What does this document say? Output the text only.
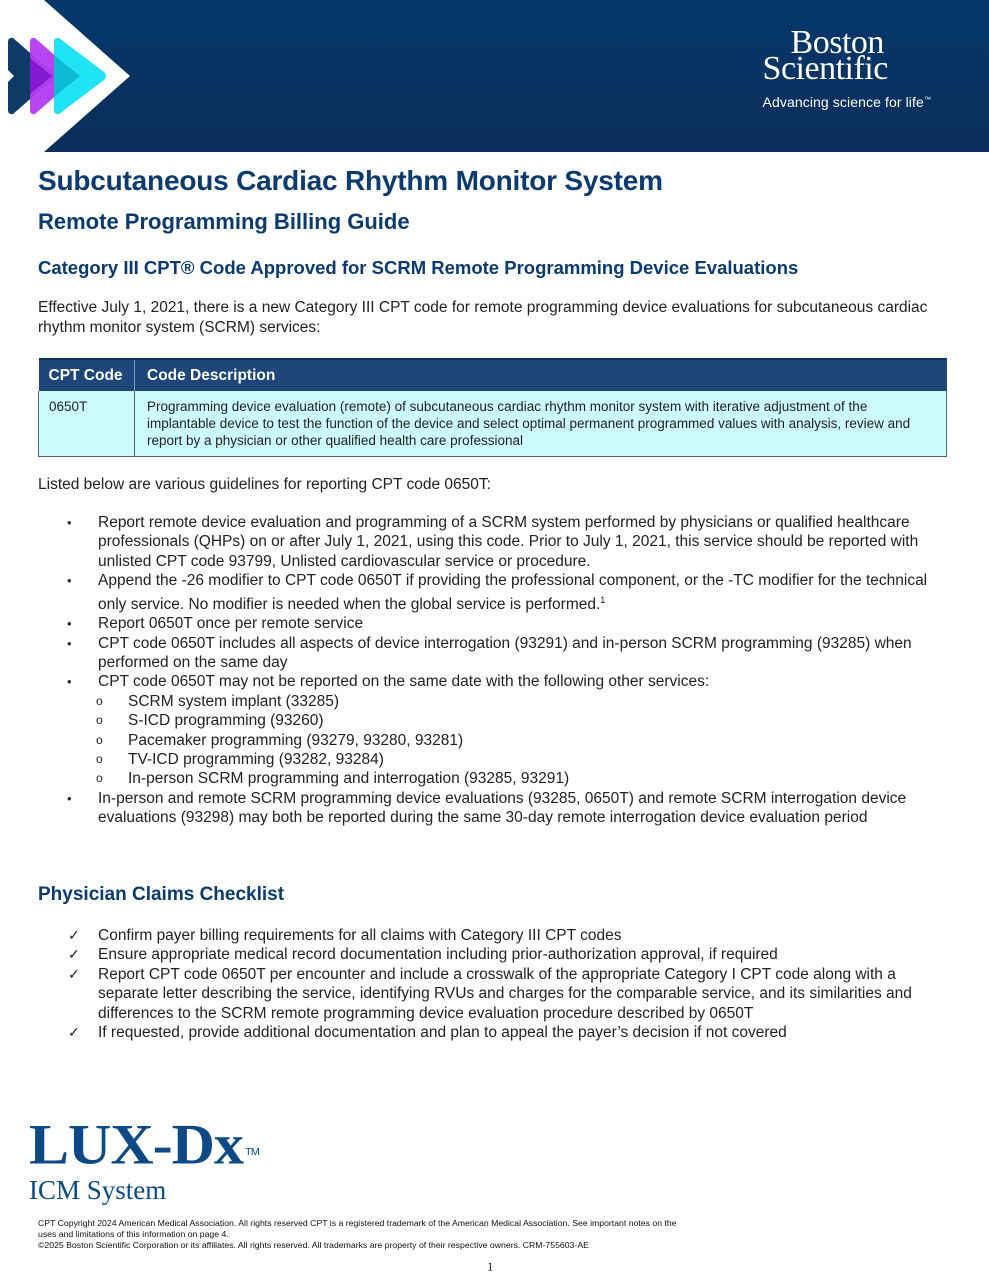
Boston
Scientific
Advancing science for life™
Subcutaneous Cardiac Rhythm Monitor System
Remote Programming Billing Guide
Category III CPT® Code Approved for SCRM Remote Programming Device Evaluations
Effective July 1, 2021, there is a new Category III CPT code for remote programming device evaluations for subcutaneous cardiac rhythm monitor system (SCRM) services:
CPT Code	Code Description
0650T	Programming device evaluation (remote) of subcutaneous cardiac rhythm monitor system with iterative adjustment of the implantable device to test the function of the device and select optimal permanent programmed values with analysis, review and report by a physician or other qualified health care professional
Listed below are various guidelines for reporting CPT code 0650T:
• Report remote device evaluation and programming of a SCRM system performed by physicians or qualified healthcare professionals (QHPs) on or after July 1, 2021, using this code. Prior to July 1, 2021, this service should be reported with unlisted CPT code 93799, Unlisted cardiovascular service or procedure.
• Append the -26 modifier to CPT code 0650T if providing the professional component, or the -TC modifier for the technical only service. No modifier is needed when the global service is performed.$^1$
• Report 0650T once per remote service
• CPT code 0650T includes all aspects of device interrogation (93291) and in-person SCRM programming (93285) when performed on the same day
• CPT code 0650T may not be reported on the same date with the following other services:
o SCRM system implant (33285)
o S-ICD programming (93260)
o Pacemaker programming (93279, 93280, 93281)
o TV-ICD programming (93282, 93284)
o In-person SCRM programming and interrogation (93285, 93291)
• In-person and remote SCRM programming device evaluations (93285, 0650T) and remote SCRM interrogation device evaluations (93298) may both be reported during the same 30-day remote interrogation device evaluation period
Physician Claims Checklist
✓ Confirm payer billing requirements for all claims with Category III CPT codes
✓ Ensure appropriate medical record documentation including prior-authorization approval, if required
✓ Report CPT code 0650T per encounter and include a crosswalk of the appropriate Category I CPT code along with a separate letter describing the service, identifying RVUs and charges for the comparable service, and its similarities and differences to the SCRM remote programming device evaluation procedure described by 0650T
✓ If requested, provide additional documentation and plan to appeal the payer’s decision if not covered
LUX-Dx ™
ICM System
CPT Copyright 2024 American Medical Association. All rights reserved CPT is a registered trademark of the American Medical Association. See important notes on the uses and limitations of this information on page 4.
©2025 Boston Scientific Corporation or its affiliates. All rights reserved. All trademarks are property of their respective owners. CRM-755603-AE
1
